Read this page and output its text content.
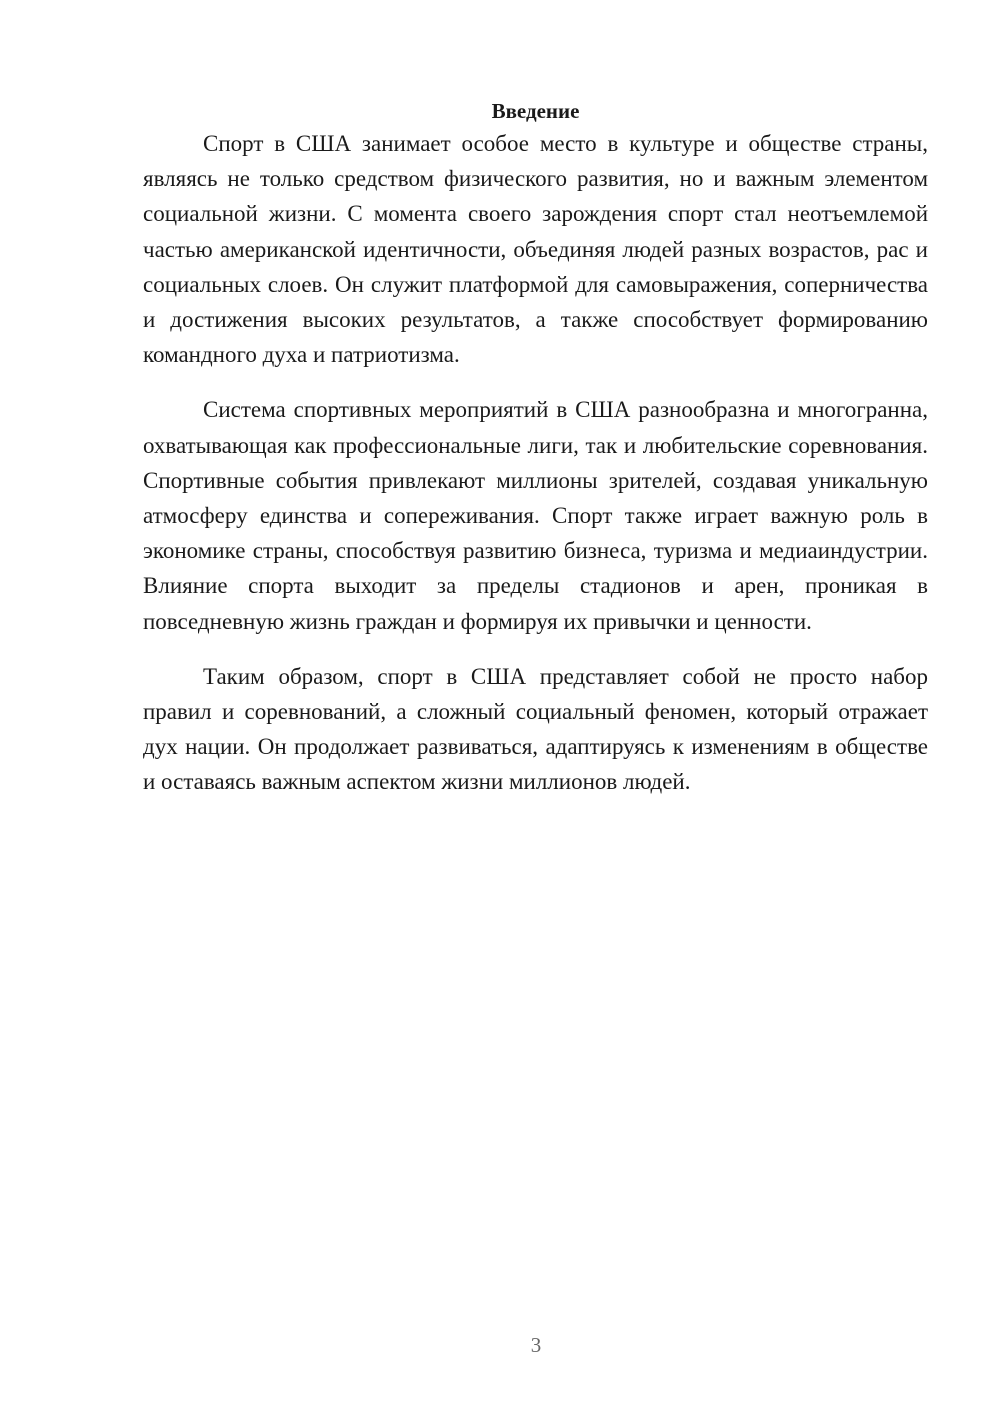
Введение

Спорт в США занимает особое место в культуре и обществе страны, являясь не только средством физического развития, но и важным элементом социальной жизни. С момента своего зарождения спорт стал неотъемлемой частью американской идентичности, объединяя людей разных возрастов, рас и социальных слоев. Он служит платформой для самовыражения, соперничества и достижения высоких результатов, а также способствует формированию командного духа и патриотизма.

Система спортивных мероприятий в США разнообразна и многогранна, охватывающая как профессиональные лиги, так и любительские соревнования. Спортивные события привлекают миллионы зрителей, создавая уникальную атмосферу единства и сопереживания. Спорт также играет важную роль в экономике страны, способствуя развитию бизнеса, туризма и медиаиндустрии. Влияние спорта выходит за пределы стадионов и арен, проникая в повседневную жизнь граждан и формируя их привычки и ценности.

Таким образом, спорт в США представляет собой не просто набор правил и соревнований, а сложный социальный феномен, который отражает дух нации. Он продолжает развиваться, адаптируясь к изменениям в обществе и оставаясь важным аспектом жизни миллионов людей.

3
